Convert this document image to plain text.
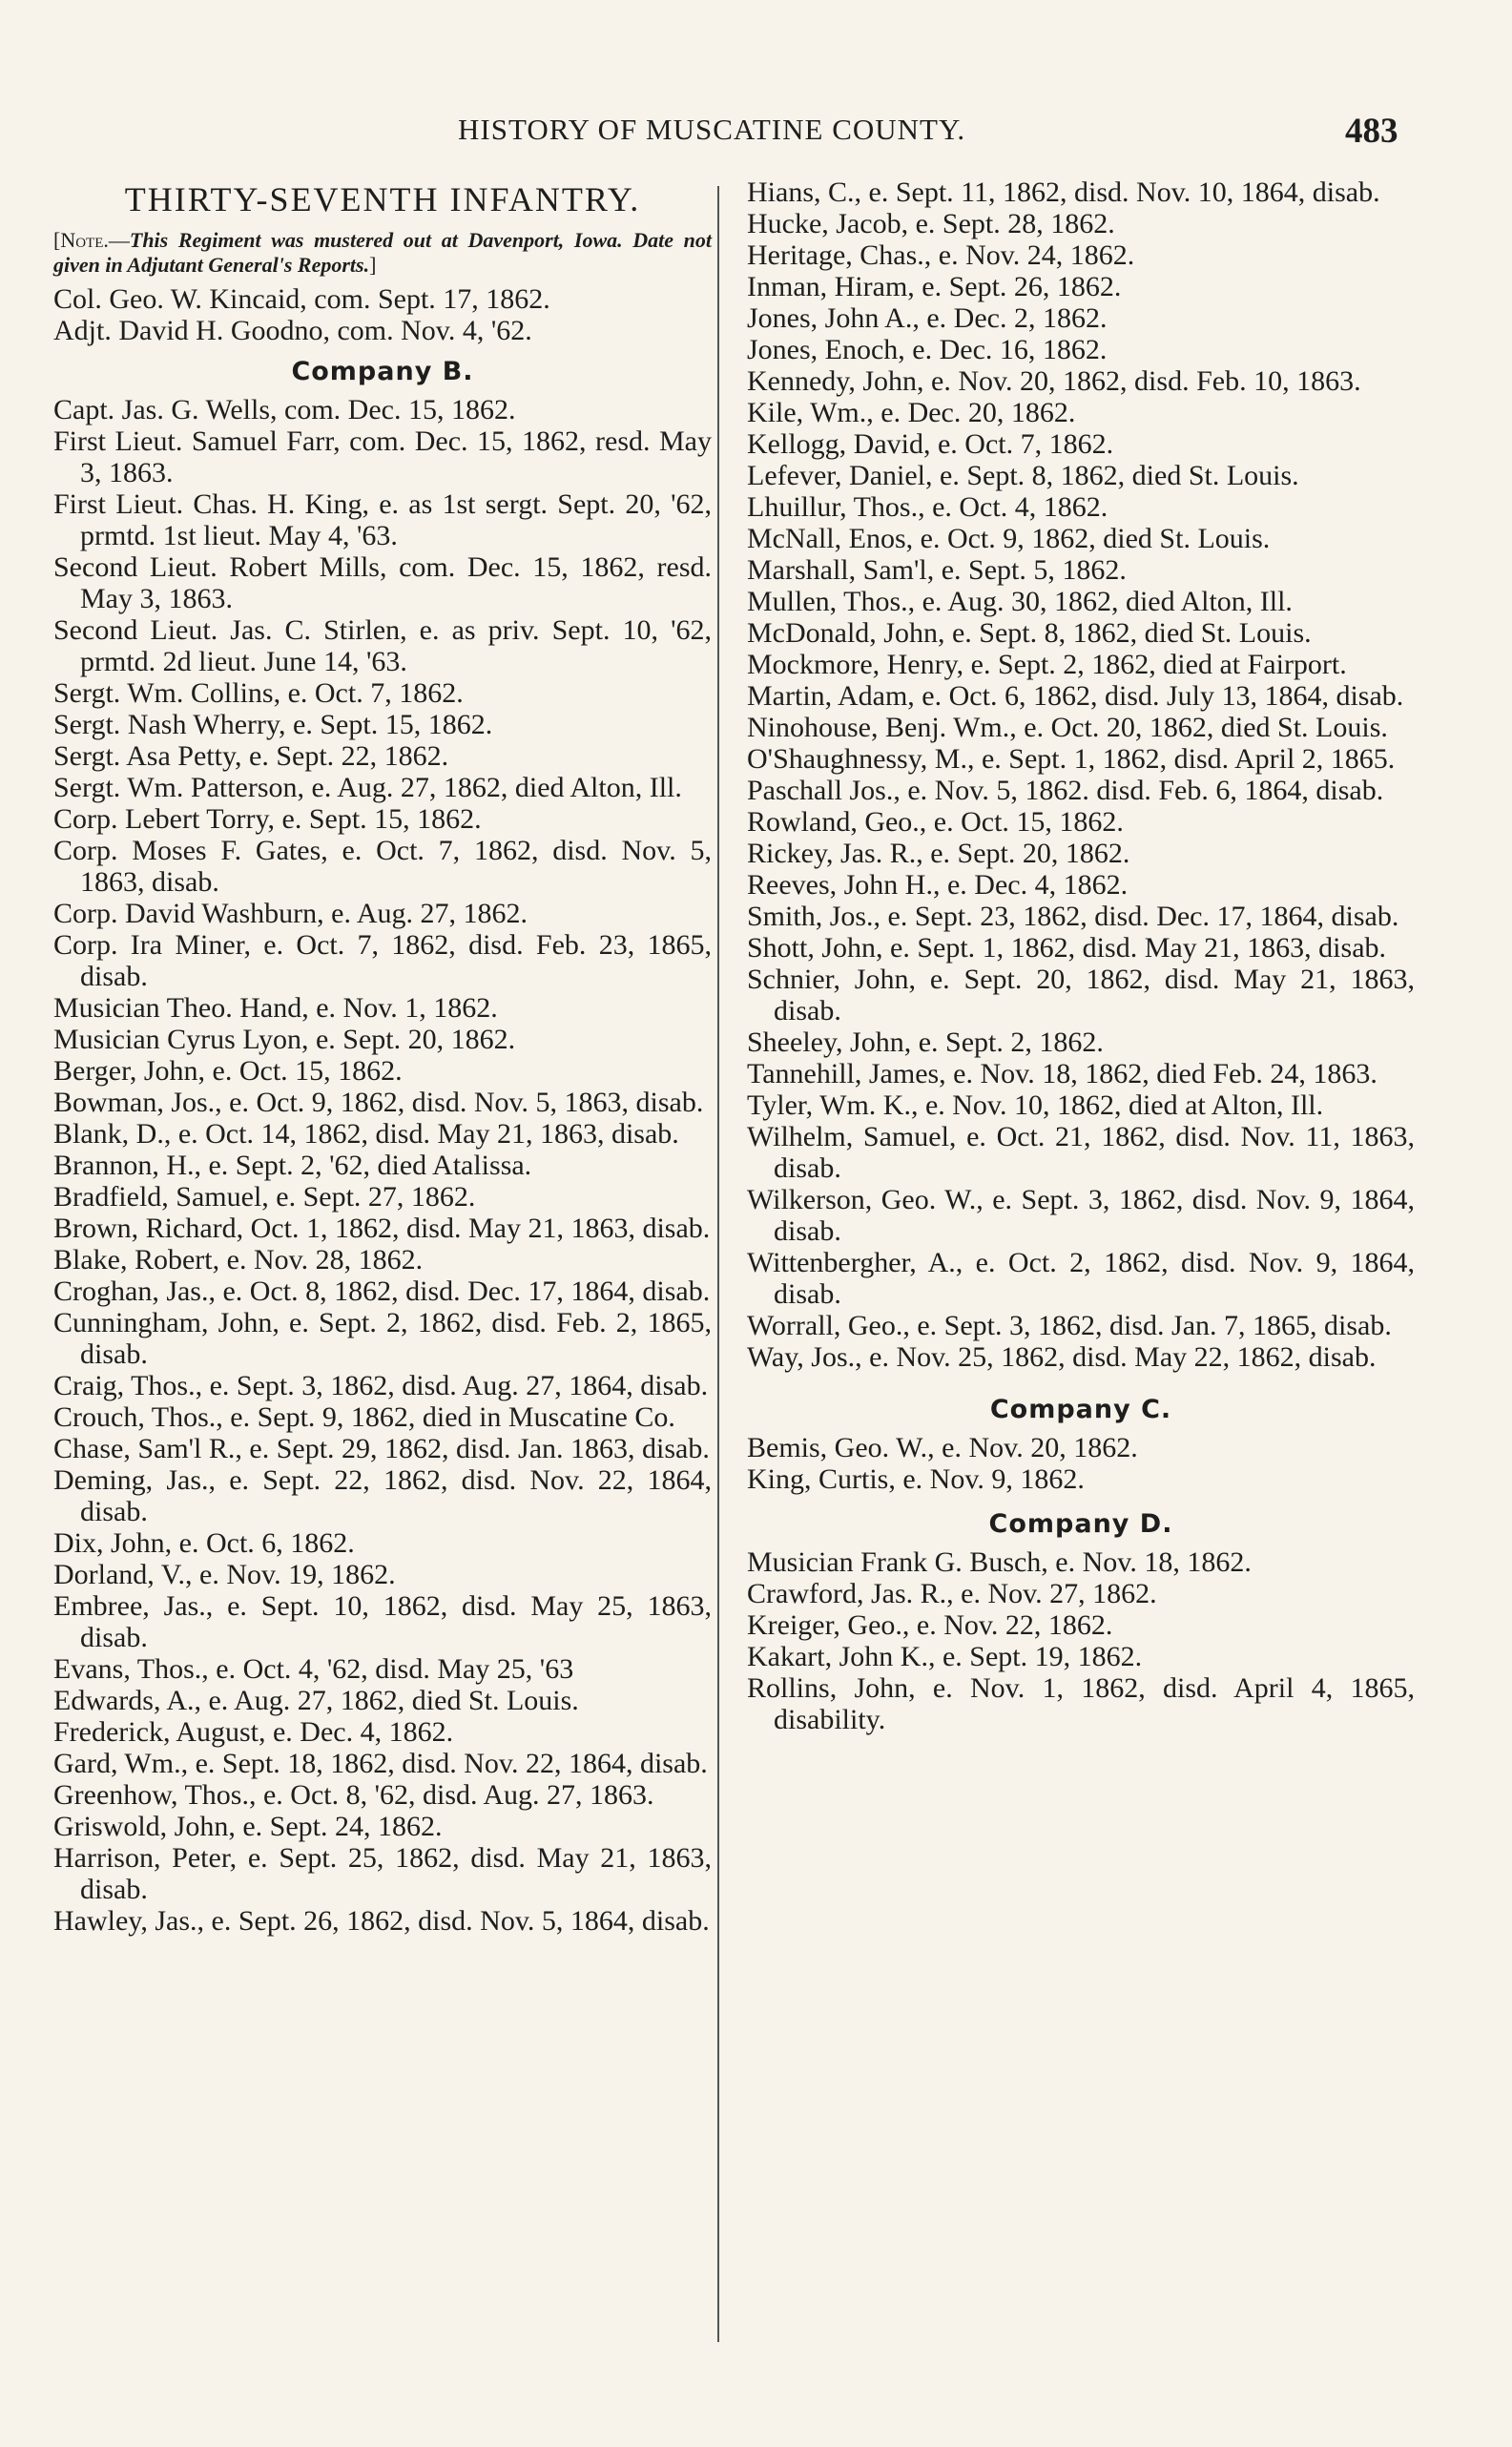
HISTORY OF MUSCATINE COUNTY.	483
THIRTY-SEVENTH INFANTRY.
[Note.—This Regiment was mustered out at Davenport, Iowa. Date not given in Adjutant General's Reports.]

Col. Geo. W. Kincaid, com. Sept. 17, 1862.

Adjt. David H. Goodno, com. Nov. 4, '62.

Company B.

Capt. Jas. G. Wells, com. Dec. 15, 1862.

First Lieut. Samuel Farr, com. Dec. 15, 1862, resd. May 3, 1863.

First Lieut. Chas. H. King, e. as 1st sergt. Sept. 20, '62, prmtd. 1st lieut. May 4, '63.

Second Lieut. Robert Mills, com. Dec. 15, 1862, resd. May 3, 1863.

Second Lieut. Jas. C. Stirlen, e. as priv. Sept. 10, '62, prmtd. 2d lieut. June 14, '63.

Sergt. Wm. Collins, e. Oct. 7, 1862.

Sergt. Nash Wherry, e. Sept. 15, 1862.

Sergt. Asa Petty, e. Sept. 22, 1862.

Sergt. Wm. Patterson, e. Aug. 27, 1862, died Alton, Ill.

Corp. Lebert Torry, e. Sept. 15, 1862.

Corp. Moses F. Gates, e. Oct. 7, 1862, disd. Nov. 5, 1863, disab.

Corp. David Washburn, e. Aug. 27, 1862.

Corp. Ira Miner, e. Oct. 7, 1862, disd. Feb. 23, 1865, disab.

Musician Theo. Hand, e. Nov. 1, 1862.

Musician Cyrus Lyon, e. Sept. 20, 1862.

Berger, John, e. Oct. 15, 1862.

Bowman, Jos., e. Oct. 9, 1862, disd. Nov. 5, 1863, disab.

Blank, D., e. Oct. 14, 1862, disd. May 21, 1863, disab.

Brannon, H., e. Sept. 2, '62, died Atalissa.

Bradfield, Samuel, e. Sept. 27, 1862.

Brown, Richard, Oct. 1, 1862, disd. May 21, 1863, disab.

Blake, Robert, e. Nov. 28, 1862.

Croghan, Jas., e. Oct. 8, 1862, disd. Dec. 17, 1864, disab.

Cunningham, John, e. Sept. 2, 1862, disd. Feb. 2, 1865, disab.

Craig, Thos., e. Sept. 3, 1862, disd. Aug. 27, 1864, disab.

Crouch, Thos., e. Sept. 9, 1862, died in Muscatine Co.

Chase, Sam'l R., e. Sept. 29, 1862, disd. Jan. 1863, disab.

Deming, Jas., e. Sept. 22, 1862, disd. Nov. 22, 1864, disab.

Dix, John, e. Oct. 6, 1862.

Dorland, V., e. Nov. 19, 1862.

Embree, Jas., e. Sept. 10, 1862, disd. May 25, 1863, disab.

Evans, Thos., e. Oct. 4, '62, disd. May 25, '63

Edwards, A., e. Aug. 27, 1862, died St. Louis.

Frederick, August, e. Dec. 4, 1862.

Gard, Wm., e. Sept. 18, 1862, disd. Nov. 22, 1864, disab.

Greenhow, Thos., e. Oct. 8, '62, disd. Aug. 27, 1863.

Griswold, John, e. Sept. 24, 1862.

Harrison, Peter, e. Sept. 25, 1862, disd. May 21, 1863, disab.

Hawley, Jas., e. Sept. 26, 1862, disd. Nov. 5, 1864, disab.

Hians, C., e. Sept. 11, 1862, disd. Nov. 10, 1864, disab.

Hucke, Jacob, e. Sept. 28, 1862.

Heritage, Chas., e. Nov. 24, 1862.

Inman, Hiram, e. Sept. 26, 1862.

Jones, John A., e. Dec. 2, 1862.

Jones, Enoch, e. Dec. 16, 1862.

Kennedy, John, e. Nov. 20, 1862, disd. Feb. 10, 1863.

Kile, Wm., e. Dec. 20, 1862.

Kellogg, David, e. Oct. 7, 1862.

Lefever, Daniel, e. Sept. 8, 1862, died St. Louis.

Lhuillur, Thos., e. Oct. 4, 1862.

McNall, Enos, e. Oct. 9, 1862, died St. Louis.

Marshall, Sam'l, e. Sept. 5, 1862.

Mullen, Thos., e. Aug. 30, 1862, died Alton, Ill.

McDonald, John, e. Sept. 8, 1862, died St. Louis.

Mockmore, Henry, e. Sept. 2, 1862, died at Fairport.

Martin, Adam, e. Oct. 6, 1862, disd. July 13, 1864, disab.

Ninohouse, Benj. Wm., e. Oct. 20, 1862, died St. Louis.

O'Shaughnessy, M., e. Sept. 1, 1862, disd. April 2, 1865.

Paschall Jos., e. Nov. 5, 1862. disd. Feb. 6, 1864, disab.

Rowland, Geo., e. Oct. 15, 1862.

Rickey, Jas. R., e. Sept. 20, 1862.

Reeves, John H., e. Dec. 4, 1862.

Smith, Jos., e. Sept. 23, 1862, disd. Dec. 17, 1864, disab.

Shott, John, e. Sept. 1, 1862, disd. May 21, 1863, disab.

Schnier, John, e. Sept. 20, 1862, disd. May 21, 1863, disab.

Sheeley, John, e. Sept. 2, 1862.

Tannehill, James, e. Nov. 18, 1862, died Feb. 24, 1863.

Tyler, Wm. K., e. Nov. 10, 1862, died at Alton, Ill.

Wilhelm, Samuel, e. Oct. 21, 1862, disd. Nov. 11, 1863, disab.

Wilkerson, Geo. W., e. Sept. 3, 1862, disd. Nov. 9, 1864, disab.

Wittenbergher, A., e. Oct. 2, 1862, disd. Nov. 9, 1864, disab.

Worrall, Geo., e. Sept. 3, 1862, disd. Jan. 7, 1865, disab.

Way, Jos., e. Nov. 25, 1862, disd. May 22, 1862, disab.

Company C.

Bemis, Geo. W., e. Nov. 20, 1862.

King, Curtis, e. Nov. 9, 1862.

Company D.

Musician Frank G. Busch, e. Nov. 18, 1862.

Crawford, Jas. R., e. Nov. 27, 1862.

Kreiger, Geo., e. Nov. 22, 1862.

Kakart, John K., e. Sept. 19, 1862.

Rollins, John, e. Nov. 1, 1862, disd. April 4, 1865, disability.
